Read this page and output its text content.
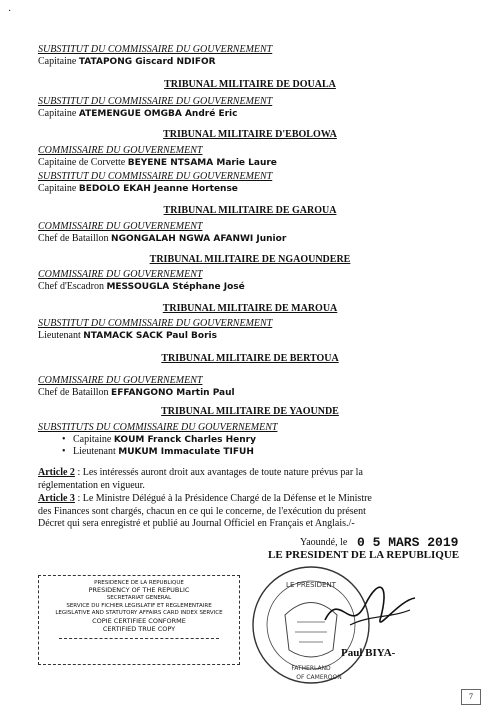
·
SUBSTITUT DU COMMISSAIRE DU GOUVERNEMENT
Capitaine TATAPONG Giscard NDIFOR
TRIBUNAL MILITAIRE DE DOUALA
SUBSTITUT DU COMMISSAIRE DU GOUVERNEMENT
Capitaine ATEMENGUE OMGBA André Eric
TRIBUNAL MILITAIRE D'EBOLOWA
COMMISSAIRE DU GOUVERNEMENT
Capitaine de Corvette BEYENE NTSAMA Marie Laure
SUBSTITUT DU COMMISSAIRE DU GOUVERNEMENT
Capitaine BEDOLO EKAH Jeanne Hortense
TRIBUNAL MILITAIRE DE GAROUA
COMMISSAIRE DU GOUVERNEMENT
Chef de Bataillon NGONGALAH NGWA AFANWI Junior
TRIBUNAL MILITAIRE DE NGAOUNDERE
COMMISSAIRE DU GOUVERNEMENT
Chef d'Escadron MESSOUGLA Stéphane José
TRIBUNAL MILITAIRE DE MAROUA
SUBSTITUT DU COMMISSAIRE DU GOUVERNEMENT
Lieutenant NTAMACK SACK Paul Boris
TRIBUNAL MILITAIRE DE BERTOUA
COMMISSAIRE DU GOUVERNEMENT
Chef de Bataillon EFFANGONO Martin Paul
TRIBUNAL MILITAIRE DE YAOUNDE
SUBSTITUTS DU COMMISSAIRE DU GOUVERNEMENT
• Capitaine KOUM Franck Charles Henry
• Lieutenant MUKUM Immaculate TIFUH
Article 2 : Les intéressés auront droit aux avantages de toute nature prévus par la
réglementation en vigueur.
Article 3 : Le Ministre Délégué à la Présidence Chargé de la Défense et le Ministre
des Finances sont chargés, chacun en ce qui le concerne, de l'exécution du présent
Décret qui sera enregistré et publié au Journal Officiel en Français et Anglais./-
Yaoundé, le 0 5 MARS 2019
LE PRESIDENT DE LA REPUBLIQUE
LE PRÉSIDENT
FATHERLAND
OF CAMEROON
Paul BIYA-
PRESIDENCE DE LA REPUBLIQUE
PRESIDENCY OF THE REPUBLIC
SECRETARIAT GENERAL
SERVICE DU FICHIER LEGISLATIF ET REGLEMENTAIRE
LEGISLATIVE AND STATUTORY AFFAIRS CARD INDEX SERVICE
COPIE CERTIFIEE CONFORME
CERTIFIED TRUE COPY
7
